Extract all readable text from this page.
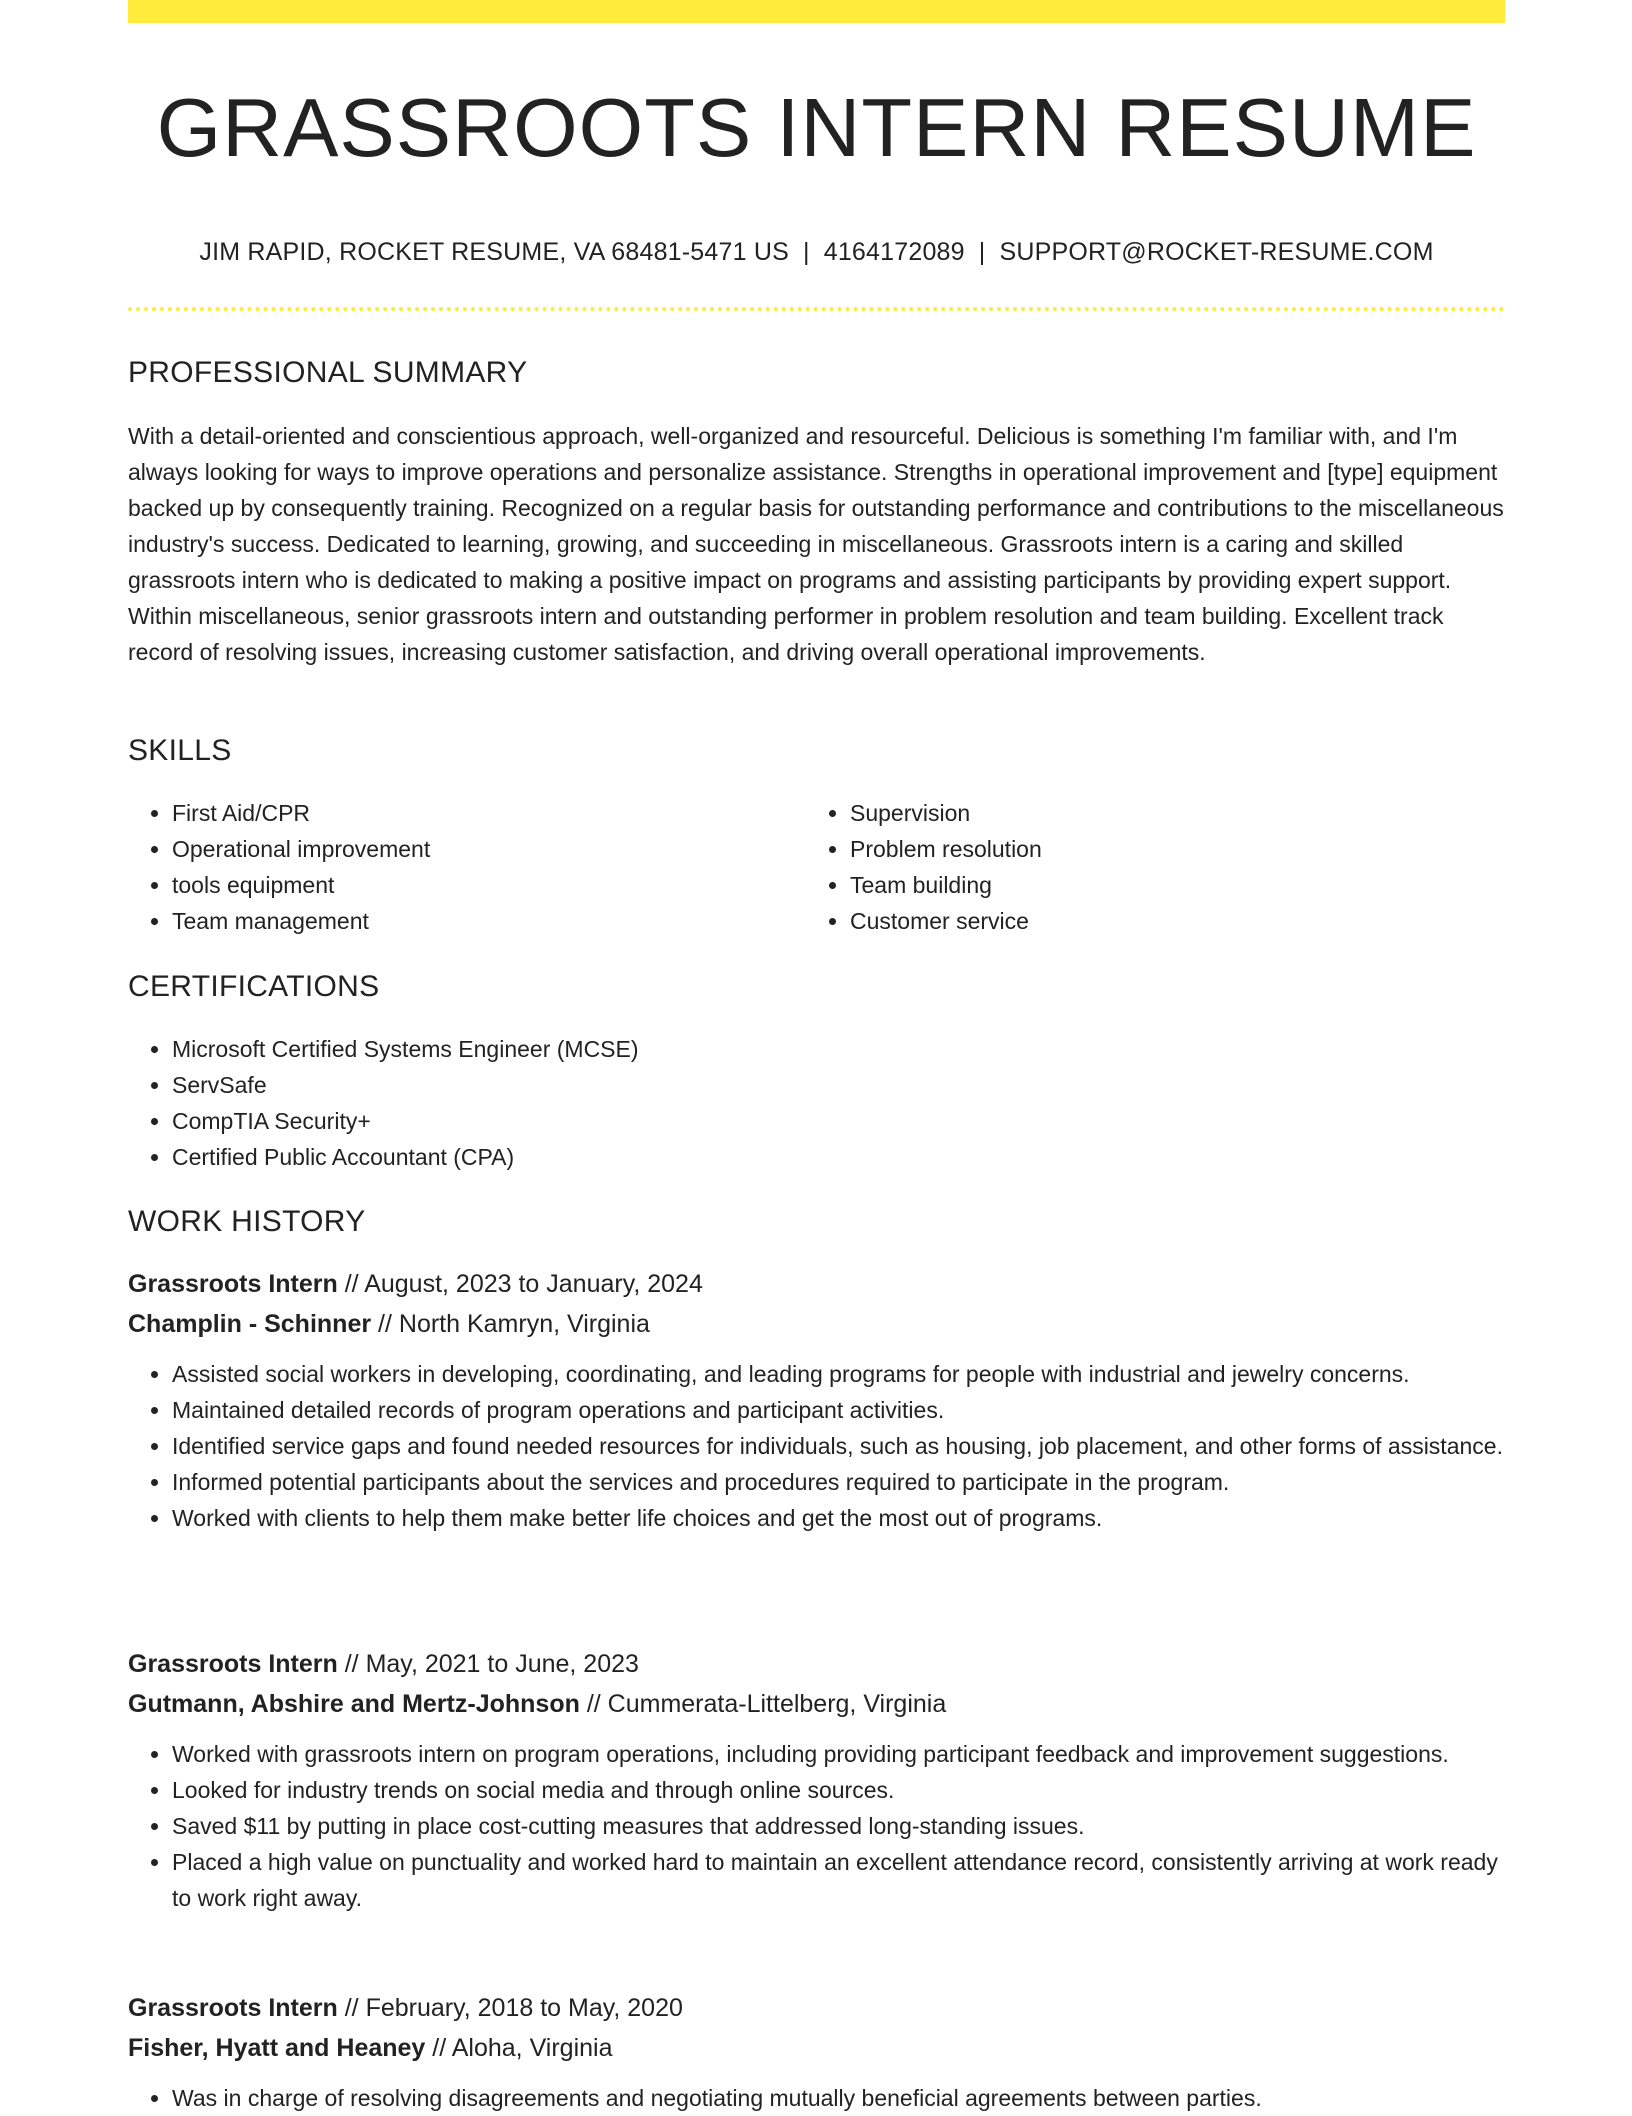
GRASSROOTS INTERN RESUME
JIM RAPID, ROCKET RESUME, VA 68481-5471 US | 4164172089 | SUPPORT@ROCKET-RESUME.COM
PROFESSIONAL SUMMARY

With a detail-oriented and conscientious approach, well-organized and resourceful. Delicious is something I'm familiar with, and I'm always looking for ways to improve operations and personalize assistance. Strengths in operational improvement and [type] equipment backed up by consequently training. Recognized on a regular basis for outstanding performance and contributions to the miscellaneous industry's success. Dedicated to learning, growing, and succeeding in miscellaneous. Grassroots intern is a caring and skilled grassroots intern who is dedicated to making a positive impact on programs and assisting participants by providing expert support. Within miscellaneous, senior grassroots intern and outstanding performer in problem resolution and team building. Excellent track record of resolving issues, increasing customer satisfaction, and driving overall operational improvements.

SKILLS
• First Aid/CPR
• Operational improvement
• tools equipment
• Team management
• Supervision
• Problem resolution
• Team building
• Customer service
CERTIFICATIONS
• Microsoft Certified Systems Engineer (MCSE)
• ServSafe
• CompTIA Security+
• Certified Public Accountant (CPA)
WORK HISTORY
Grassroots Intern // August, 2023 to January, 2024
Champlin - Schinner // North Kamryn, Virginia
• Assisted social workers in developing, coordinating, and leading programs for people with industrial and jewelry concerns.
• Maintained detailed records of program operations and participant activities.
• Identified service gaps and found needed resources for individuals, such as housing, job placement, and other forms of assistance.
• Informed potential participants about the services and procedures required to participate in the program.
• Worked with clients to help them make better life choices and get the most out of programs.
Grassroots Intern // May, 2021 to June, 2023
Gutmann, Abshire and Mertz-Johnson // Cummerata-Littelberg, Virginia
• Worked with grassroots intern on program operations, including providing participant feedback and improvement suggestions.
• Looked for industry trends on social media and through online sources.
• Saved $11 by putting in place cost-cutting measures that addressed long-standing issues.
• Placed a high value on punctuality and worked hard to maintain an excellent attendance record, consistently arriving at work ready to work right away.
Grassroots Intern // February, 2018 to May, 2020
Fisher, Hyatt and Heaney // Aloha, Virginia
• Was in charge of resolving disagreements and negotiating mutually beneficial agreements between parties.
